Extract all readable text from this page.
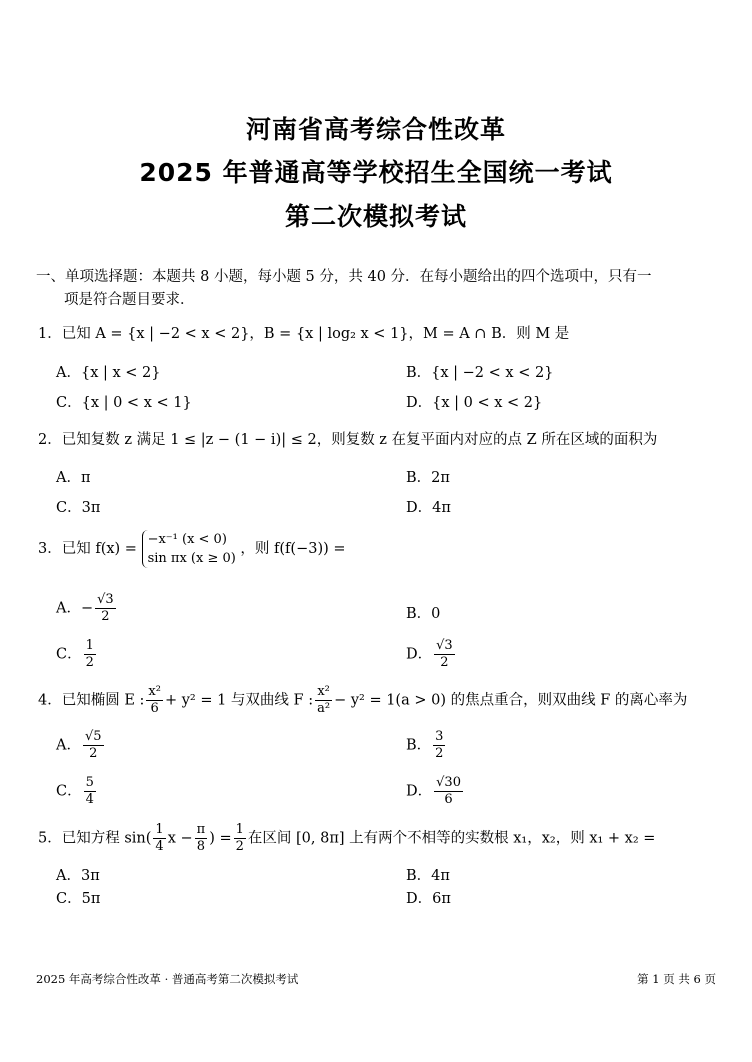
河南省高考综合性改革
2025 年普通高等学校招生全国统一考试
第二次模拟考试
一、单项选择题：本题共 8 小题，每小题 5 分，共 40 分．在每小题给出的四个选项中，只有一
项是符合题目要求．
1．已知 A = {x | −2 < x < 2}，B = {x | log₂ x < 1}，M = A ∩ B．则 M 是
A．{x | x < 2}	B．{x | −2 < x < 2}
C．{x | 0 < x < 1}	D．{x | 0 < x < 2}
2．已知复数 z 满足 1 ≤ |z − (1 − i)| ≤ 2，则复数 z 在复平面内对应的点 Z 所在区域的面积为
A．π	B．2π
C．3π	D．4π
3．已知 f(x) =
−x⁻¹ (x < 0)
sin πx (x ≥ 0)
，则 f(f(−3)) =
A．− $\frac{√3}{2}$	B．0
C． $\frac{1}{2}$	D． $\frac{√3}{2}$
4．已知椭圆 E : $\frac{\text{x²}}{6} + y^2 = 1$ 与双曲线 F : $\frac{\text{x²}}{\text{a²}} - y^2 = 1(a > 0)$ 的焦点重合，则双曲线 F 的离心率为
A． $\frac{√5}{2}$	B． $\frac{3}{2}$
C． $\frac{5}{4}$	D． $\frac{√30}{6}$
5．已知方程 $\sin( \frac{1}{4}$ $x - \frac{\pi}{8}$ ) = $\frac{1}{2}$ 在区间 [0, 8π] 上有两个不相等的实数根 x₁，x₂，则 x₁ + x₂ =
A．3π	B．4π
C．5π	D．6π
2025 年高考综合性改革 · 普通高考第二次模拟考试	第 1 页 共 6 页
